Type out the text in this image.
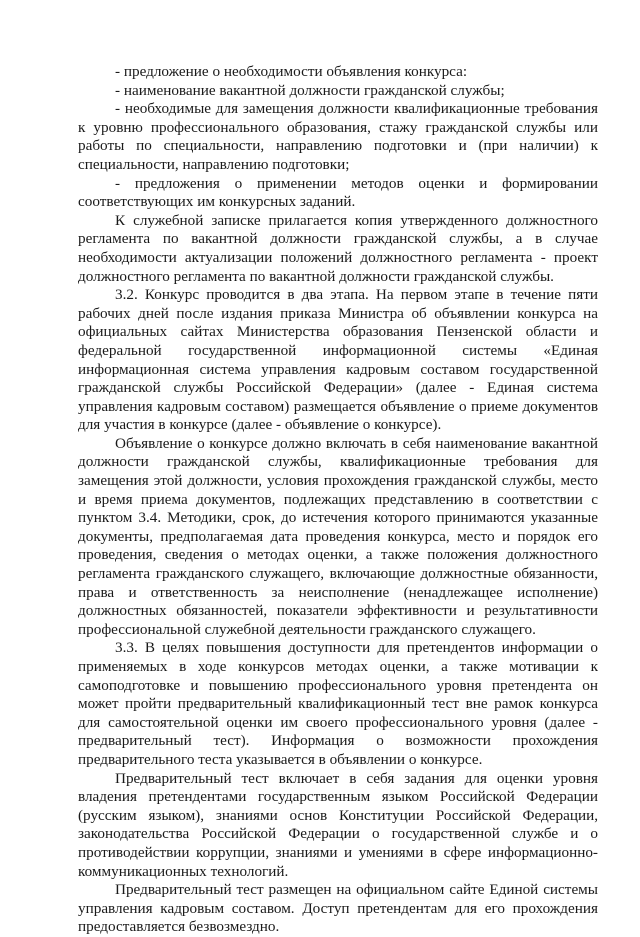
- предложение о необходимости объявления конкурса:

- наименование вакантной должности гражданской службы;

- необходимые для замещения должности квалификационные требования к уровню профессионального образования, стажу гражданской службы или работы по специальности, направлению подготовки и (при наличии) к специальности, направлению подготовки;

- предложения о применении методов оценки и формировании соответствующих им конкурсных заданий.

К служебной записке прилагается копия утвержденного должностного регламента по вакантной должности гражданской службы, а в случае необходимости актуализации положений должностного регламента - проект должностного регламента по вакантной должности гражданской службы.

3.2. Конкурс проводится в два этапа. На первом этапе в течение пяти рабочих дней после издания приказа Министра об объявлении конкурса на официальных сайтах Министерства образования Пензенской области и федеральной государственной информационной системы «Единая информационная система управления кадровым составом государственной гражданской службы Российской Федерации» (далее - Единая система управления кадровым составом) размещается объявление о приеме документов для участия в конкурсе (далее - объявление о конкурсе).

Объявление о конкурсе должно включать в себя наименование вакантной должности гражданской службы, квалификационные требования для замещения этой должности, условия прохождения гражданской службы, место и время приема документов, подлежащих представлению в соответствии с пунктом 3.4. Методики, срок, до истечения которого принимаются указанные документы, предполагаемая дата проведения конкурса, место и порядок его проведения, сведения о методах оценки, а также положения должностного регламента гражданского служащего, включающие должностные обязанности, права и ответственность за неисполнение (ненадлежащее исполнение) должностных обязанностей, показатели эффективности и результативности профессиональной служебной деятельности гражданского служащего.

3.3. В целях повышения доступности для претендентов информации о применяемых в ходе конкурсов методах оценки, а также мотивации к самоподготовке и повышению профессионального уровня претендента он может пройти предварительный квалификационный тест вне рамок конкурса для самостоятельной оценки им своего профессионального уровня (далее - предварительный тест). Информация о возможности прохождения предварительного теста указывается в объявлении о конкурсе.

Предварительный тест включает в себя задания для оценки уровня владения претендентами государственным языком Российской Федерации (русским языком), знаниями основ Конституции Российской Федерации, законодательства Российской Федерации о государственной службе и о противодействии коррупции, знаниями и умениями в сфере информационно-коммуникационных технологий.

Предварительный тест размещен на официальном сайте Единой системы управления кадровым составом. Доступ претендентам для его прохождения предоставляется безвозмездно.
